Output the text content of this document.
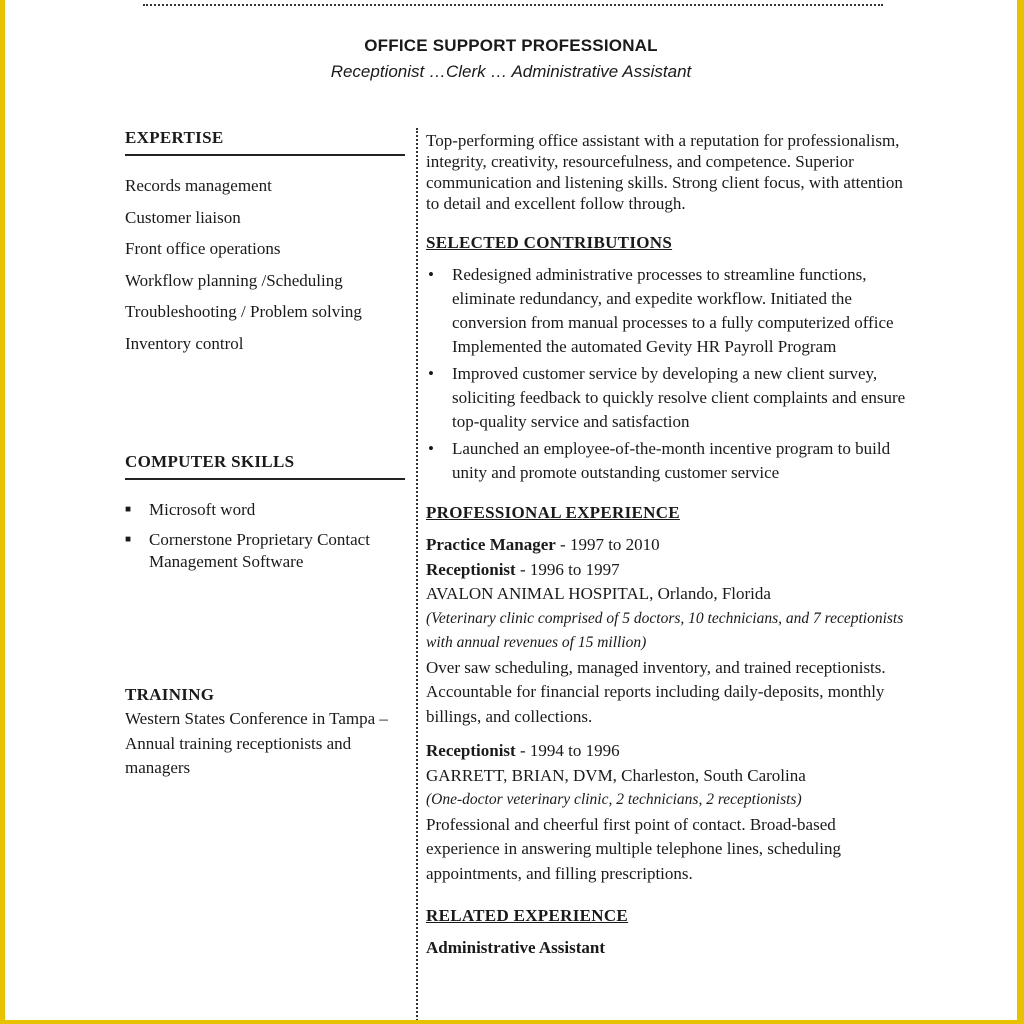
OFFICE SUPPORT PROFESSIONAL
Receptionist …Clerk … Administrative Assistant
EXPERTISE
Records management
Customer liaison
Front office operations
Workflow planning /Scheduling
Troubleshooting / Problem solving
Inventory control
COMPUTER SKILLS
■	Microsoft word
■	Cornerstone Proprietary Contact Management Software
TRAINING
Western States Conference in Tampa – Annual training receptionists and managers
Top-performing office assistant with a reputation for professionalism, integrity, creativity, resourcefulness, and competence. Superior communication and listening skills. Strong client focus, with attention to detail and excellent follow through.
SELECTED CONTRIBUTIONS
•	Redesigned administrative processes to streamline functions, eliminate redundancy, and expedite workflow. Initiated the conversion from manual processes to a fully computerized office Implemented the automated Gevity HR Payroll Program
•	Improved customer service by developing a new client survey, soliciting feedback to quickly resolve client complaints and ensure top-quality service and satisfaction
•	Launched an employee-of-the-month incentive program to build unity and promote outstanding customer service
PROFESSIONAL EXPERIENCE
Practice Manager - 1997 to 2010
Receptionist - 1996 to 1997
AVALON ANIMAL HOSPITAL, Orlando, Florida
(Veterinary clinic comprised of 5 doctors, 10 technicians, and 7 receptionists with annual revenues of 15 million)
Over saw scheduling, managed inventory, and trained receptionists. Accountable for financial reports including daily-deposits, monthly billings, and collections.
Receptionist - 1994 to 1996
GARRETT, BRIAN, DVM, Charleston, South Carolina
(One-doctor veterinary clinic, 2 technicians, 2 receptionists)
Professional and cheerful first point of contact. Broad-based experience in answering multiple telephone lines, scheduling appointments, and filling prescriptions.
RELATED EXPERIENCE
Administrative Assistant
